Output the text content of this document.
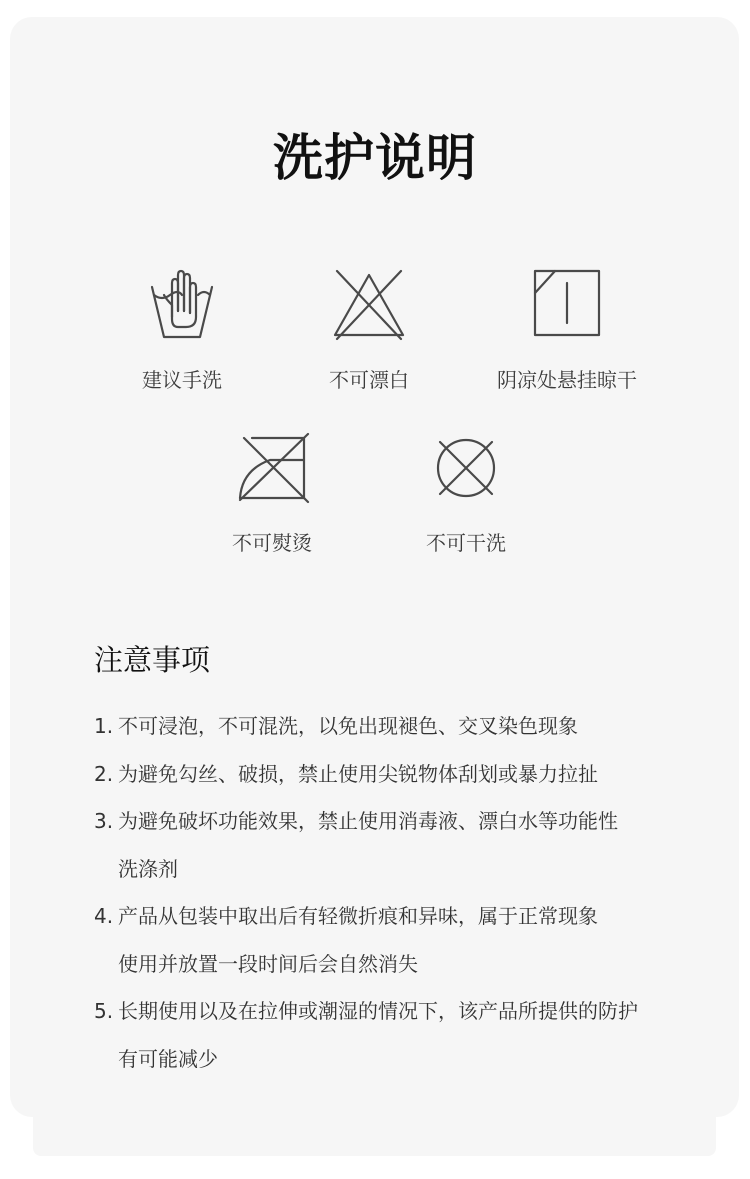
洗护说明
建议手洗	不可漂白	阴凉处悬挂晾干
不可熨烫	不可干洗
注意事项
1. 不可浸泡，不可混洗，以免出现褪色、交叉染色现象
2. 为避免勾丝、破损，禁止使用尖锐物体刮划或暴力拉扯
3. 为避免破坏功能效果，禁止使用消毒液、漂白水等功能性
洗涤剂
4. 产品从包装中取出后有轻微折痕和异味，属于正常现象
使用并放置一段时间后会自然消失
5. 长期使用以及在拉伸或潮湿的情况下，该产品所提供的防护
有可能减少
